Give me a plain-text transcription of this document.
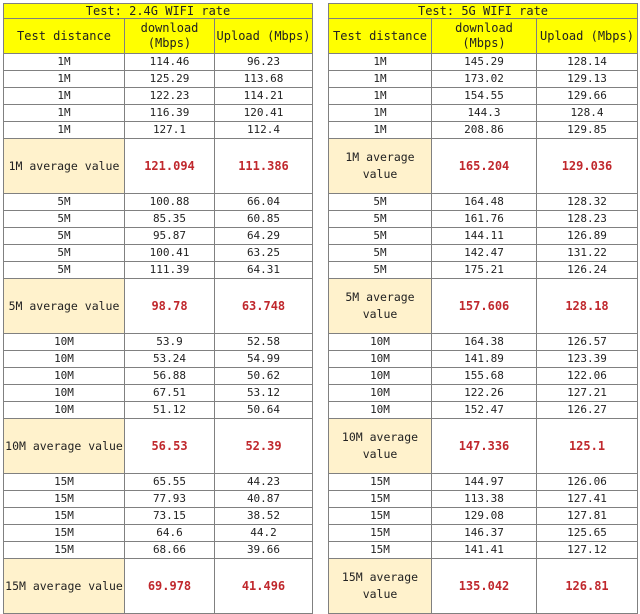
Test: 2.4G WIFI rate		
Test distance	download (Mbps)	Upload (Mbps)
1M	114.46	96.23
1M	125.29	113.68
1M	122.23	114.21
1M	116.39	120.41
1M	127.1	112.4
1M average value	121.094	111.386
5M	100.88	66.04
5M	85.35	60.85
5M	95.87	64.29
5M	100.41	63.25
5M	111.39	64.31
5M average value	98.78	63.748
10M	53.9	52.58
10M	53.24	54.99
10M	56.88	50.62
10M	67.51	53.12
10M	51.12	50.64
10M average value	56.53	52.39
15M	65.55	44.23
15M	77.93	40.87
15M	73.15	38.52
15M	64.6	44.2
15M	68.66	39.66
15M average value	69.978	41.496
Test: 5G WIFI rate		
Test distance	download (Mbps)	Upload (Mbps)
1M	145.29	128.14
1M	173.02	129.13
1M	154.55	129.66
1M	144.3	128.4
1M	208.86	129.85
1M average value	165.204	129.036
5M	164.48	128.32
5M	161.76	128.23
5M	144.11	126.89
5M	142.47	131.22
5M	175.21	126.24
5M average value	157.606	128.18
10M	164.38	126.57
10M	141.89	123.39
10M	155.68	122.06
10M	122.26	127.21
10M	152.47	126.27
10M average value	147.336	125.1
15M	144.97	126.06
15M	113.38	127.41
15M	129.08	127.81
15M	146.37	125.65
15M	141.41	127.12
15M average value	135.042	126.81
